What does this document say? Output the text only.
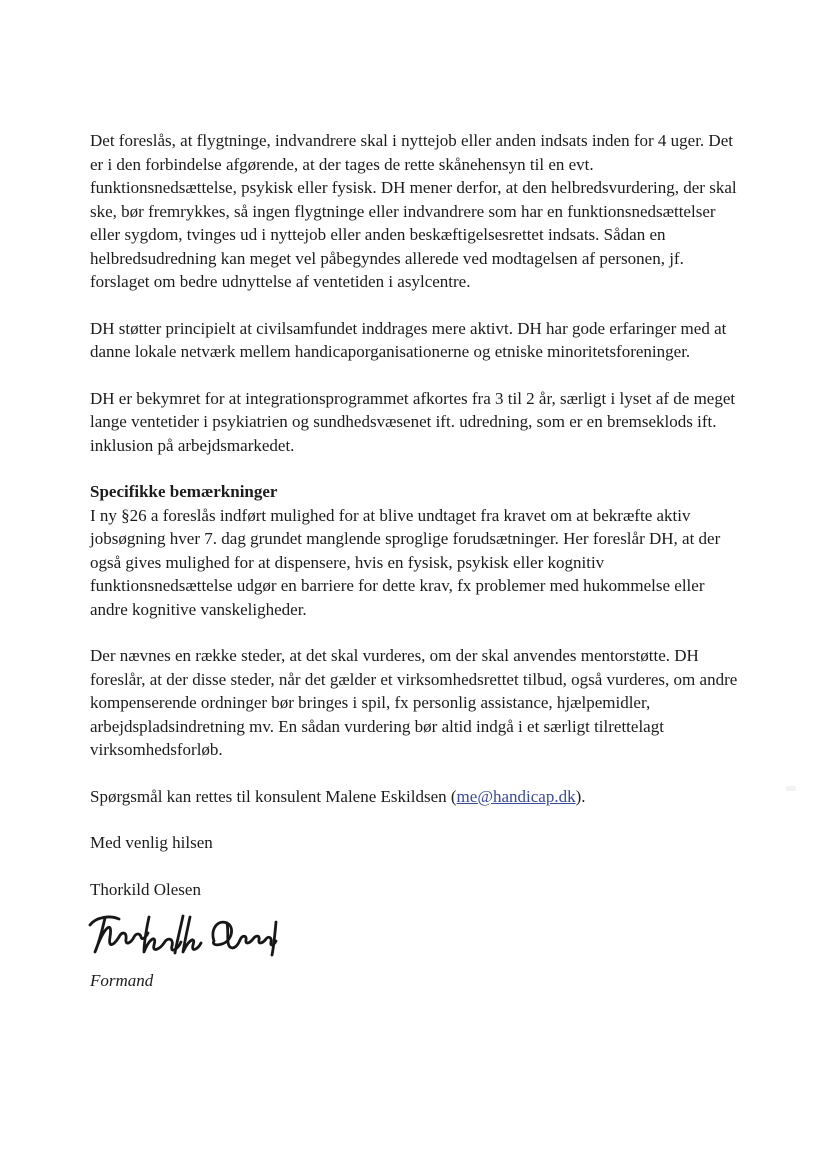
Det foreslås, at flygtninge, indvandrere skal i nyttejob eller anden indsats inden for 4 uger. Det er i den forbindelse afgørende, at der tages de rette skånehensyn til en evt. funktionsnedsættelse, psykisk eller fysisk. DH mener derfor, at den helbredsvurdering, der skal ske, bør fremrykkes, så ingen flygtninge eller indvandrere som har en funktionsnedsættelser eller sygdom, tvinges ud i nyttejob eller anden beskæftigelsesrettet indsats. Sådan en helbredsudredning kan meget vel påbegyndes allerede ved modtagelsen af personen, jf. forslaget om bedre udnyttelse af ventetiden i asylcentre.

DH støtter principielt at civilsamfundet inddrages mere aktivt. DH har gode erfaringer med at danne lokale netværk mellem handicaporganisationerne og etniske minoritetsforeninger.

DH er bekymret for at integrationsprogrammet afkortes fra 3 til 2 år, særligt i lyset af de meget lange ventetider i psykiatrien og sundhedsvæsenet ift. udredning, som er en bremseklods ift. inklusion på arbejdsmarkedet.

Specifikke bemærkninger

I ny §26 a foreslås indført mulighed for at blive undtaget fra kravet om at bekræfte aktiv jobsøgning hver 7. dag grundet manglende sproglige forudsætninger. Her foreslår DH, at der også gives mulighed for at dispensere, hvis en fysisk, psykisk eller kognitiv funktionsnedsættelse udgør en barriere for dette krav, fx problemer med hukommelse eller andre kognitive vanskeligheder.

Der nævnes en række steder, at det skal vurderes, om der skal anvendes mentorstøtte. DH foreslår, at der disse steder, når det gælder et virksomhedsrettet tilbud, også vurderes, om andre kompenserende ordninger bør bringes i spil, fx personlig assistance, hjælpemidler, arbejdspladsindretning mv. En sådan vurdering bør altid indgå i et særligt tilrettelagt virksomhedsforløb.

Spørgsmål kan rettes til konsulent Malene Eskildsen (me@handicap.dk).

Med venlig hilsen

Thorkild Olesen

Formand
